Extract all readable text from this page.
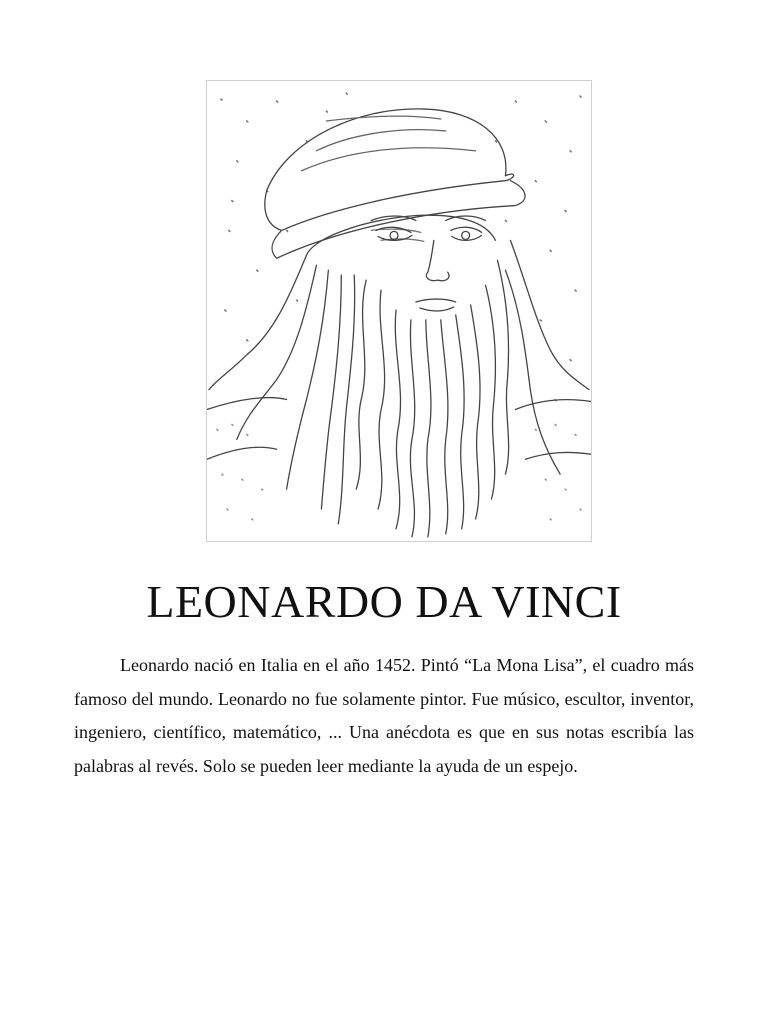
LEONARDO DA VINCI

Leonardo nació en Italia en el año 1452. Pintó “La Mona Lisa”, el cuadro más famoso del mundo. Leonardo no fue solamente pintor. Fue músico, escultor, inventor, ingeniero, científico, matemático, ... Una anécdota es que en sus notas escribía las palabras al revés. Solo se pueden leer mediante la ayuda de un espejo.
